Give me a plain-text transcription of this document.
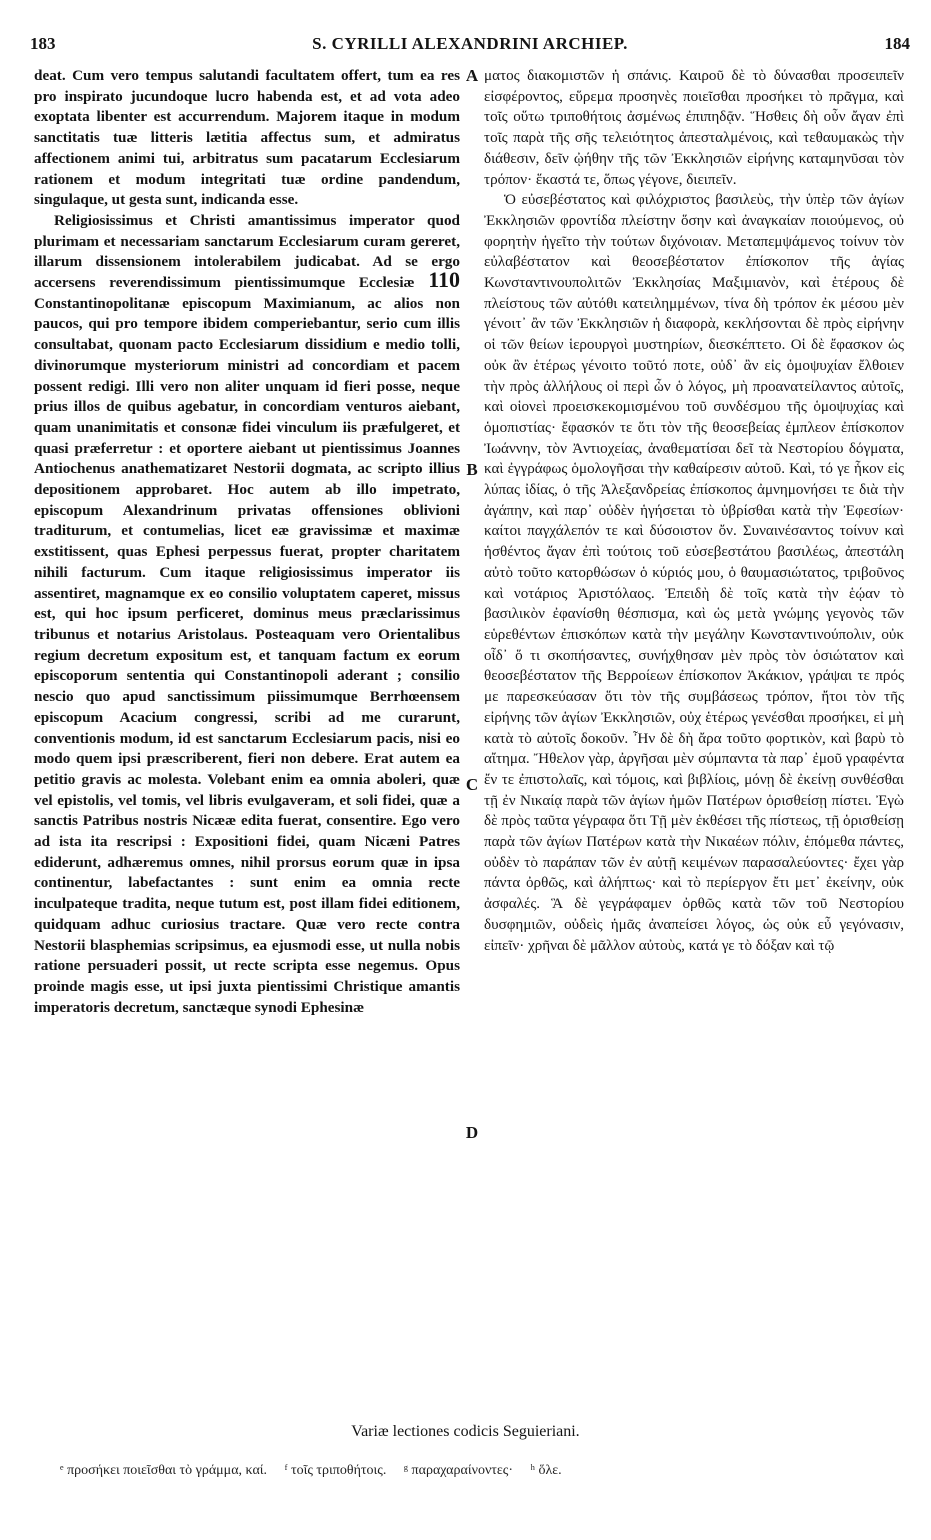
183	S. CYRILLI ALEXANDRINI ARCHIEP.	184

deat. Cum vero tempus salutandi facultatem offert, tum ea res pro inspirato jucundoque lucro habenda est, et ad vota adeo exoptata libenter est accurrendum. Majorem itaque in modum sanctitatis tuæ litteris lætitia affectus sum, et admiratus affectionem animi tui, arbitratus sum pacatarum Ecclesiarum rationem et modum integritati tuæ ordine pandendum, singulaque, ut gesta sunt, indicanda esse.

Religiosissimus et Christi amantissimus imperator quod plurimam et necessariam sanctarum Ecclesiarum curam gereret, illarum dissensionem intolerabilem judicabat. Ad se ergo accersens reverendissimum pientissimumque Ecclesiæ 110 Constantinopolitanæ episcopum Maximianum, ac alios non paucos, qui pro tempore ibidem comperiebantur, serio cum illis consultabat, quonam pacto Ecclesiarum dissidium e medio tolli, divinorumque mysteriorum ministri ad concordiam et pacem possent redigi. Illi vero non aliter unquam id fieri posse, neque prius illos de quibus agebatur, in concordiam venturos aiebant, quam unanimitatis et consonæ fidei vinculum iis præfulgeret, et quasi præferretur : et oportere aiebant ut pientissimus Joannes Antiochenus anathematizaret Nestorii dogmata, ac scripto illius depositionem approbaret. Hoc autem ab illo impetrato, episcopum Alexandrinum privatas offensiones oblivioni traditurum, et contumelias, licet eæ gravissimæ et maximæ exstitissent, quas Ephesi perpessus fuerat, propter charitatem nihili facturum. Cum itaque religiosissimus imperator iis assentiret, magnamque ex eo consilio voluptatem caperet, missus est, qui hoc ipsum perficeret, dominus meus præclarissimus tribunus et notarius Aristolaus. Posteaquam vero Orientalibus regium decretum expositum est, et tanquam factum ex eorum episcoporum sententia qui Constantinopoli aderant ; consilio nescio quo apud sanctissimum piissimumque Berrhœensem episcopum Acacium congressi, scribi ad me curarunt, conventionis modum, id est sanctarum Ecclesiarum pacis, nisi eo modo quem ipsi præscriberent, fieri non debere. Erat autem ea petitio gravis ac molesta. Volebant enim ea omnia aboleri, quæ vel epistolis, vel tomis, vel libris evulgaveram, et soli fidei, quæ a sanctis Patribus nostris Nicææ edita fuerat, consentire. Ego vero ad ista ita rescripsi : Expositioni fidei, quam Nicæni Patres ediderunt, adhæremus omnes, nihil prorsus eorum quæ in ipsa continentur, labefactantes : sunt enim ea omnia recte inculpateque tradita, neque tutum est, post illam fidei editionem, quidquam adhuc curiosius tractare. Quæ vero recte contra Nestorii blasphemias scripsimus, ea ejusmodi esse, ut nulla nobis ratione persuaderi possit, ut recte scripta esse negemus. Opus proinde magis esse, ut ipsi juxta pientissimi Christique amantis imperatoris decretum, sanctæque synodi Ephesinæ

A
B
C
D

ματος διακομιστῶν ἡ σπάνις. Καιροῦ δὲ τὸ δύνασθαι προσειπεῖν εἰσφέροντος, εὕρεμα προσηνὲς ποιεῖσθαι προσήκει τὸ πρᾶγμα, καὶ τοῖς οὕτω τριποθήτοις ἀσμένως ἐπιπηδᾷν. Ἥσθεις δὴ οὖν ἄγαν ἐπὶ τοῖς παρὰ τῆς σῆς τελειότητος ἀπεσταλμένοις, καὶ τεθαυμακὼς τὴν διάθεσιν, δεῖν ᾠήθην τῆς τῶν Ἐκκλησιῶν εἰρήνης καταμηνῦσαι τὸν τρόπον· ἕκαστά τε, ὅπως γέγονε, διειπεῖν.

Ὁ εὐσεβέστατος καὶ φιλόχριστος βασιλεὺς, τὴν ὑπὲρ τῶν ἁγίων Ἐκκλησιῶν φροντίδα πλείστην ὅσην καὶ ἀναγκαίαν ποιούμενος, οὐ φορητὴν ἡγεῖτο τὴν τούτων διχόνοιαν. Μεταπεμψάμενος τοίνυν τὸν εὐλαβέστατον καὶ θεοσεβέστατον ἐπίσκοπον τῆς ἁγίας Κωνσταντινουπολιτῶν Ἐκκλησίας Μαξιμιανὸν, καὶ ἑτέρους δὲ πλείστους τῶν αὐτόθι κατειλημμένων, τίνα δὴ τρόπον ἐκ μέσου μὲν γένοιτ᾽ ἂν τῶν Ἐκκλησιῶν ἡ διαφορὰ, κεκλήσονται δὲ πρὸς εἰρήνην οἱ τῶν θείων ἱερουργοὶ μυστηρίων, διεσκέπτετο. Οἱ δὲ ἔφασκον ὡς οὐκ ἂν ἑτέρως γένοιτο τοῦτό ποτε, οὐδ᾽ ἂν εἰς ὁμοψυχίαν ἔλθοιεν τὴν πρὸς ἀλλήλους οἱ περὶ ὧν ὁ λόγος, μὴ προανατείλαντος αὐτοῖς, καὶ οἱονεὶ προεισκεκομισμένου τοῦ συνδέσμου τῆς ὁμοψυχίας καὶ ὁμοπιστίας· ἔφασκόν τε ὅτι τὸν τῆς θεοσεβείας ἐμπλεον ἐπίσκοπον Ἰωάννην, τὸν Ἀντιοχείας, ἀναθεματίσαι δεῖ τὰ Νεστορίου δόγματα, καὶ ἐγγράφως ὁμολογῆσαι τὴν καθαίρεσιν αὐτοῦ. Καὶ, τό γε ἧκον εἰς λύπας ἰδίας, ὁ τῆς Ἀλεξανδρείας ἐπίσκοπος ἀμνημονήσει τε διὰ τὴν ἀγάπην, καὶ παρ᾽ οὐδὲν ἡγήσεται τὸ ὑβρίσθαι κατὰ τὴν Ἐφεσίων· καίτοι παγχάλεπόν τε καὶ δύσοιστον ὄν. Συναινέσαντος τοίνυν καὶ ἡσθέντος ἄγαν ἐπὶ τούτοις τοῦ εὐσεβεστάτου βασιλέως, ἀπεστάλη αὐτὸ τοῦτο κατορθώσων ὁ κύριός μου, ὁ θαυμασιώτατος, τριβοῦνος καὶ νοτάριος Ἀριστόλαος. Ἐπειδὴ δὲ τοῖς κατὰ τὴν ἑῴαν τὸ βασιλικὸν ἐφανίσθη θέσπισμα, καὶ ὡς μετὰ γνώμης γεγονὸς τῶν εὑρεθέντων ἐπισκόπων κατὰ τὴν μεγάλην Κωνσταντινούπολιν, οὐκ οἶδ᾽ ὅ τι σκοπήσαντες, συνήχθησαν μὲν πρὸς τὸν ὁσιώτατον καὶ θεοσεβέστατον τῆς Βερροίεων ἐπίσκοπον Ἀκάκιον, γράψαι τε πρός με παρεσκεύασαν ὅτι τὸν τῆς συμβάσεως τρόπον, ἤτοι τὸν τῆς εἰρήνης τῶν ἁγίων Ἐκκλησιῶν, οὐχ ἑτέρως γενέσθαι προσήκει, εἰ μὴ κατὰ τὸ αὐτοῖς δοκοῦν. Ἦν δὲ δὴ ἄρα τοῦτο φορτικὸν, καὶ βαρὺ τὸ αἴτημα. Ἤθελον γὰρ, ἀργῆσαι μὲν σύμπαντα τὰ παρ᾽ ἐμοῦ γραφέντα ἔν τε ἐπιστολαῖς, καὶ τόμοις, καὶ βιβλίοις, μόνῃ δὲ ἐκείνῃ συνθέσθαι τῇ ἐν Νικαίᾳ παρὰ τῶν ἁγίων ἡμῶν Πατέρων ὁρισθείσῃ πίστει. Ἐγὼ δὲ πρὸς ταῦτα γέγραφα ὅτι Τῇ μὲν ἐκθέσει τῆς πίστεως, τῇ ὁρισθείσῃ παρὰ τῶν ἁγίων Πατέρων κατὰ τὴν Νικαέων πόλιν, ἑπόμεθα πάντες, οὐδὲν τὸ παράπαν τῶν ἐν αὐτῇ κειμένων παρασαλεύοντες· ἔχει γὰρ πάντα ὀρθῶς, καὶ ἀλήπτως· καὶ τὸ περίεργον ἔτι μετ᾽ ἐκείνην, οὐκ ἀσφαλές. Ἃ δὲ γεγράφαμεν ὀρθῶς κατὰ τῶν τοῦ Νεστορίου δυσφημιῶν, οὐδεὶς ἡμᾶς ἀναπείσει λόγος, ὡς οὐκ εὖ γεγόνασιν, εἰπεῖν· χρῆναι δὲ μᾶλλον αὐτοὺς, κατά γε τὸ δόξαν καὶ τῷ

Variæ lectiones codicis Seguieriani.
ᵉ προσήκει ποιεῖσθαι τὸ γράμμα, καί. ᶠ τοῖς τριποθήτοις. ᵍ παραχαραίνοντες· ʰ ὅλε.
